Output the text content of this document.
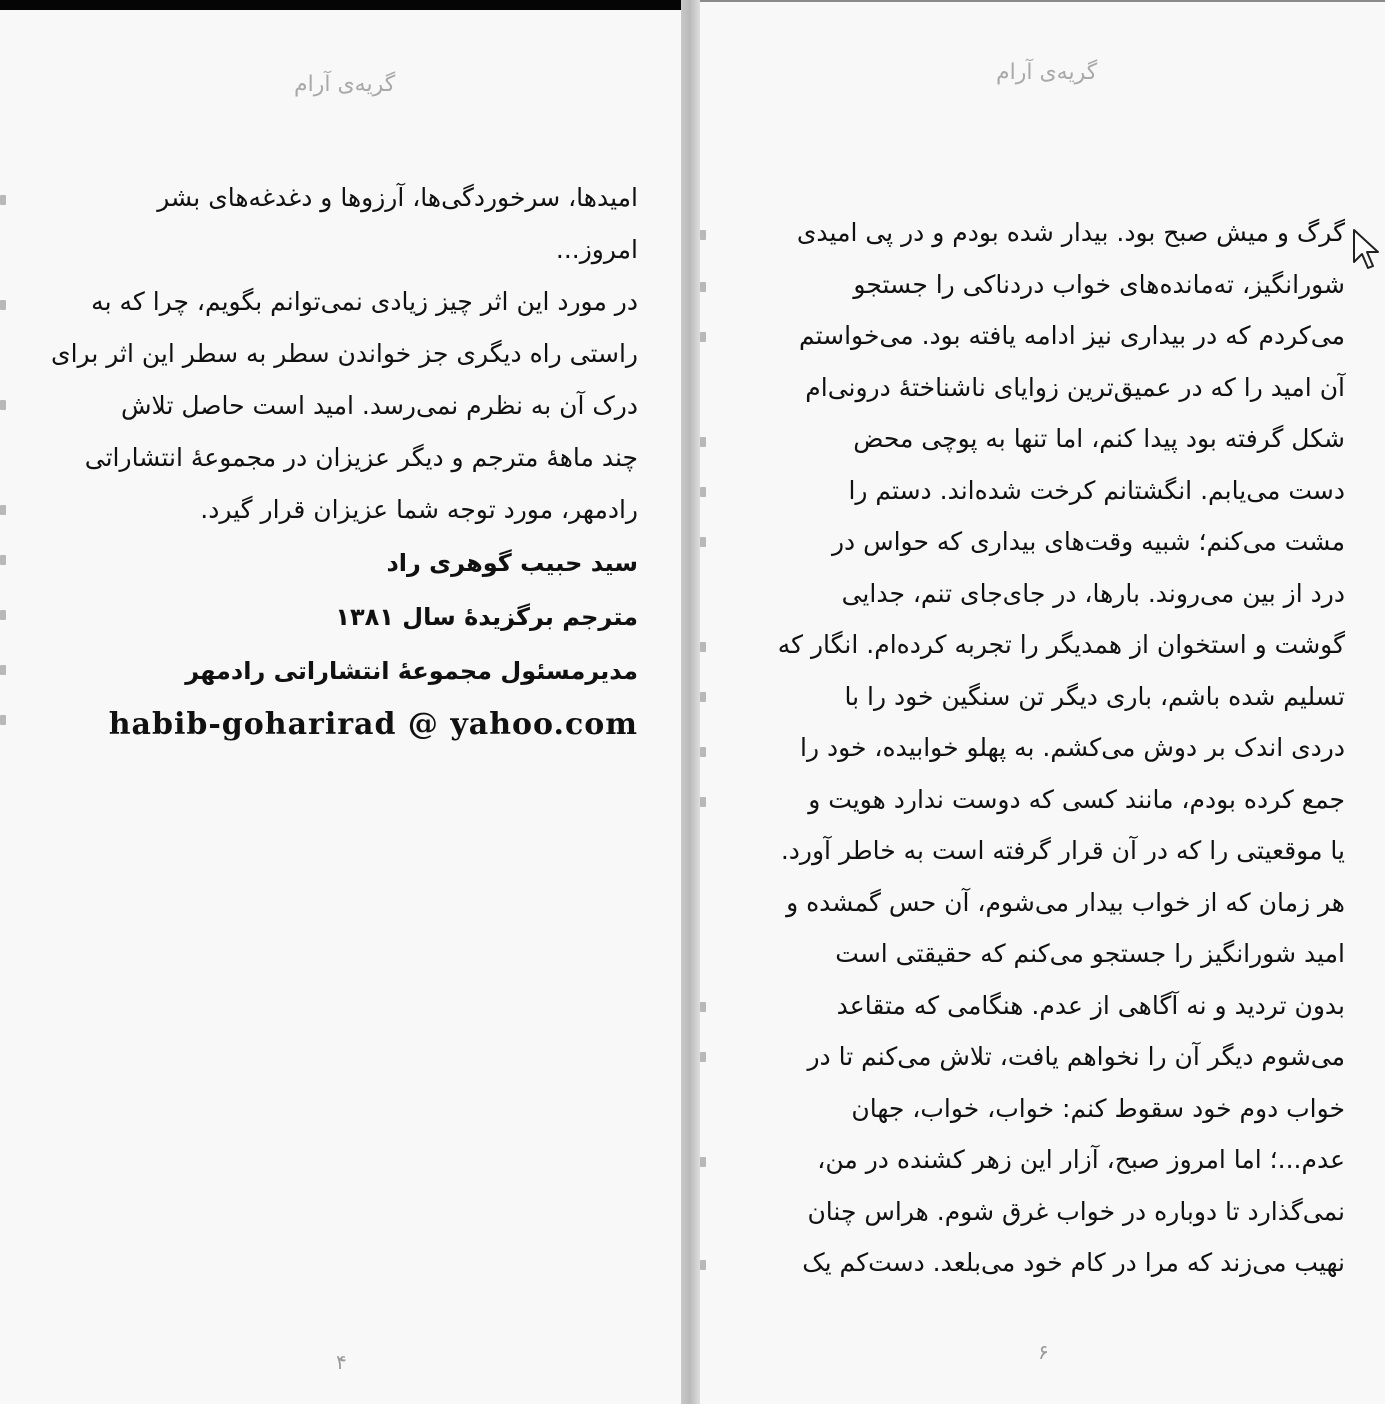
گریه‌ی آرام
امیدها، سرخوردگی‌ها، آرزوها و دغدغه‌های بشر
امروز...
در مورد این اثر چیز زیادی نمی‌توانم بگویم، چرا که به
راستی راه دیگری جز خواندن سطر به سطر این اثر برای
درک آن به نظرم نمی‌رسد. امید است حاصل تلاش
چند ماههٔ مترجم و دیگر عزیزان در مجموعهٔ انتشاراتی
رادمهر، مورد توجه شما عزیزان قرار گیرد.
سید حبیب گوهری راد
مترجم برگزیدهٔ سال ۱۳۸۱
مدیرمسئول مجموعهٔ انتشاراتی رادمهر
habib-goharirad @ yahoo.com
۴
گریه‌ی آرام
گرگ و میش صبح بود. بیدار شده بودم و در پی امیدی
شورانگیز، ته‌مانده‌های خواب دردناکی را جستجو
می‌کردم که در بیداری نیز ادامه یافته بود. می‌خواستم
آن امید را که در عمیق‌ترین زوایای ناشناختهٔ درونی‌ام
شکل گرفته بود پیدا کنم، اما تنها به پوچی محض
دست می‌یابم. انگشتانم کرخت شده‌اند. دستم را
مشت می‌کنم؛ شبیه وقت‌های بیداری که حواس در
درد از بین می‌روند. بارها، در جای‌جای تنم، جدایی
گوشت و استخوان از همدیگر را تجربه کرده‌ام. انگار که
تسلیم شده باشم، باری دیگر تن سنگین خود را با
دردی اندک بر دوش می‌کشم. به پهلو خوابیده، خود را
جمع کرده بودم، مانند کسی که دوست ندارد هویت و
یا موقعیتی را که در آن قرار گرفته است به خاطر آورد.
هر زمان که از خواب بیدار می‌شوم، آن حس گمشده و
امید شورانگیز را جستجو می‌کنم که حقیقتی است
بدون تردید و نه آگاهی از عدم. هنگامی که متقاعد
می‌شوم دیگر آن را نخواهم یافت، تلاش می‌کنم تا در
خواب دوم خود سقوط کنم: خواب، خواب، جهان
عدم...؛ اما امروز صبح، آزار این زهر کشنده در من،
نمی‌گذارد تا دوباره در خواب غرق شوم. هراس چنان
نهیب می‌زند که مرا در کام خود می‌بلعد. دست‌کم یک
۶
